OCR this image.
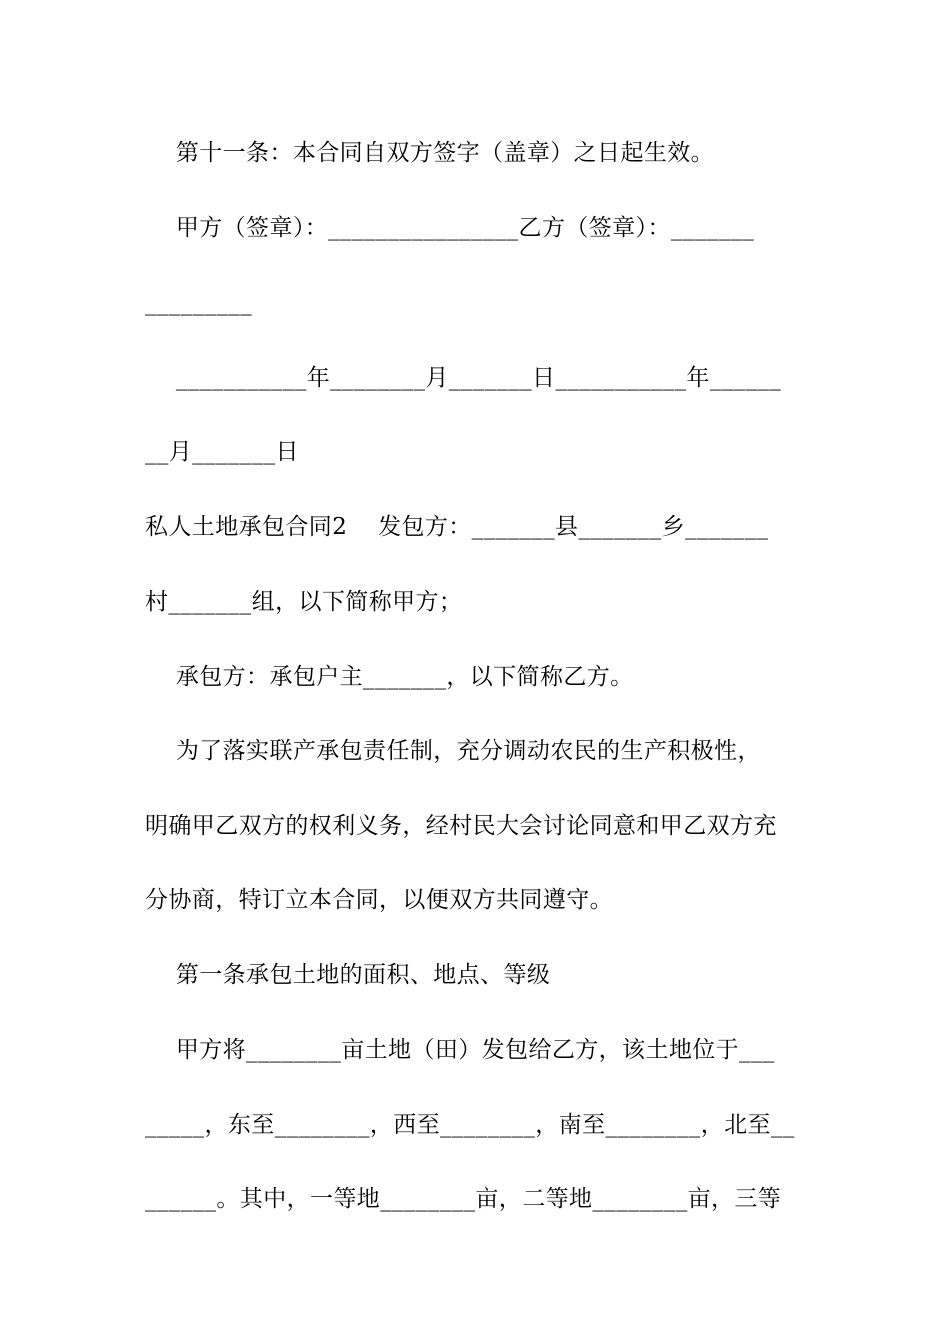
第十一条：本合同自双方签字（盖章）之日起生效。
甲方（签章）：________________乙方（签章）：_______
_________
___________年________月_______日___________年______
__月_______日
私人土地承包合同2    发包方：_______县_______乡_______
村_______组，以下简称甲方；
承包方：承包户主_______，以下简称乙方。
为了落实联产承包责任制，充分调动农民的生产积极性，
明确甲乙双方的权利义务，经村民大会讨论同意和甲乙双方充
分协商，特订立本合同，以便双方共同遵守。
第一条承包土地的面积、地点、等级
甲方将________亩土地（田）发包给乙方，该土地位于___
_____，东至________，西至________，南至________，北至__
______。其中，一等地________亩，二等地________亩，三等
